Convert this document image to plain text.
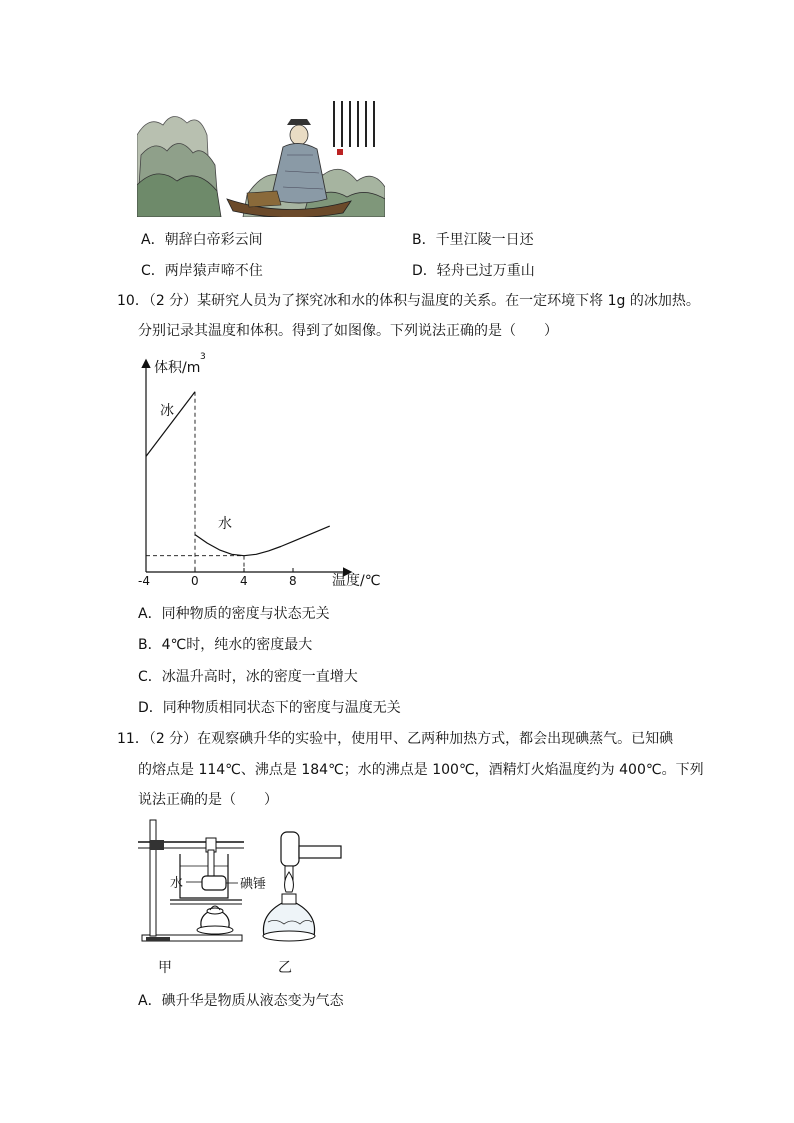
A．朝辞白帝彩云间	B．千里江陵一日还
C．两岸猿声啼不住	D．轻舟已过万重山
10．（2 分）某研究人员为了探究冰和水的体积与温度的关系。在一定环境下将 1g 的冰加热。
分别记录其温度和体积。得到了如图像。下列说法正确的是（　　）
-4	0	4	8
体积/m
3
温度/℃
冰
水
A．同种物质的密度与状态无关
B．4℃时，纯水的密度最大
C．冰温升高时，冰的密度一直增大
D．同种物质相同状态下的密度与温度无关
11．（2 分）在观察碘升华的实验中，使用甲、乙两种加热方式，都会出现碘蒸气。已知碘
的熔点是 114℃、沸点是 184℃；水的沸点是 100℃，酒精灯火焰温度约为 400℃。下列
说法正确的是（　　）
水	碘锤
甲	乙
A．碘升华是物质从液态变为气态
